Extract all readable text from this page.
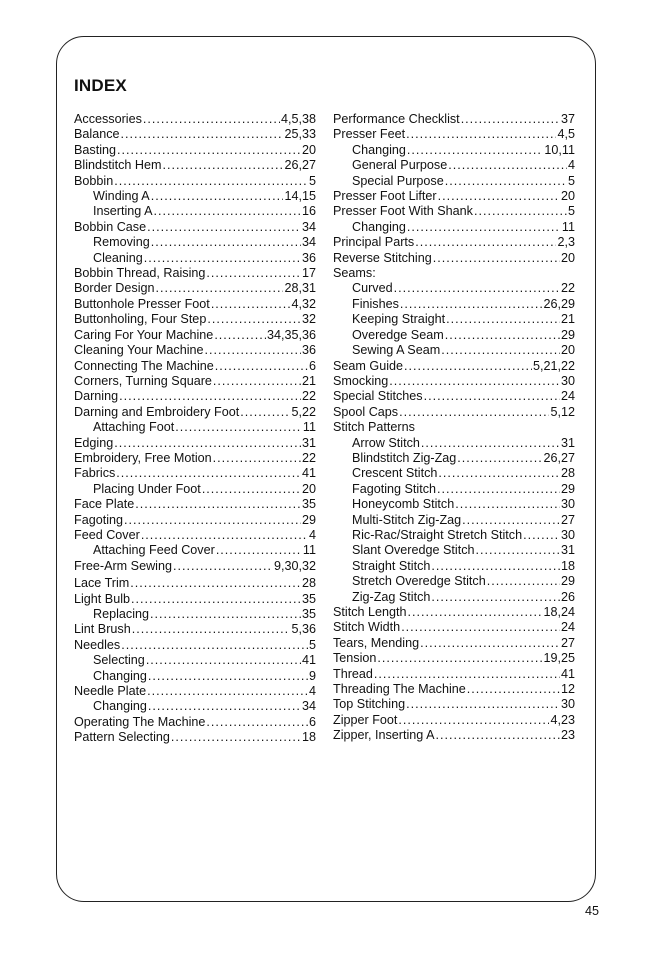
INDEX
Accessories .....	4,5,38
Balance .....	25,33
Basting .....	20
Blindstitch Hem .....	26,27
Bobbin .....	5
Winding A .....	14,15
Inserting A .....	16
Bobbin Case .....	34
Removing .....	34
Cleaning .....	36
Bobbin Thread, Raising .....	17
Border Design .....	28,31
Buttonhole Presser Foot .....	4,32
Buttonholing, Four Step .....	32
Caring For Your Machine .....	34,35,36
Cleaning Your Machine .....	36
Connecting The Machine .....	6
Corners, Turning Square .....	21
Darning .....	22
Darning and Embroidery Foot .....	5,22
Attaching Foot .....	11
Edging .....	31
Embroidery, Free Motion .....	22
Fabrics .....	41
Placing Under Foot .....	20
Face Plate .....	35
Fagoting .....	29
Feed Cover .....	4
Attaching Feed Cover .....	11
Free-Arm Sewing .....	9,30,32
Lace Trim .....	28
Light Bulb .....	35
Replacing .....	35
Lint Brush .....	5,36
Needles .....	5
Selecting .....	41
Changing .....	9
Needle Plate .....	4
Changing .....	34
Operating The Machine .....	6
Pattern Selecting .....	18
Performance Checklist .....	37
Presser Feet .....	4,5
Changing .....	10,11
General Purpose .....	4
Special Purpose .....	5
Presser Foot Lifter .....	20
Presser Foot With Shank .....	5
Changing .....	11
Principal Parts .....	2,3
Reverse Stitching .....	20
Seams:
Curved .....	22
Finishes .....	26,29
Keeping Straight .....	21
Overedge Seam .....	29
Sewing A Seam .....	20
Seam Guide .....	5,21,22
Smocking .....	30
Special Stitches .....	24
Spool Caps .....	5,12
Stitch Patterns
Arrow Stitch .....	31
Blindstitch Zig-Zag .....	26,27
Crescent Stitch .....	28
Fagoting Stitch .....	29
Honeycomb Stitch .....	30
Multi-Stitch Zig-Zag .....	27
Ric-Rac/Straight Stretch Stitch .....	30
Slant Overedge Stitch .....	31
Straight Stitch .....	18
Stretch Overedge Stitch .....	29
Zig-Zag Stitch .....	26
Stitch Length .....	18,24
Stitch Width .....	24
Tears, Mending .....	27
Tension .....	19,25
Thread .....	41
Threading The Machine .....	12
Top Stitching .....	30
Zipper Foot .....	4,23
Zipper, Inserting A .....	23
45
